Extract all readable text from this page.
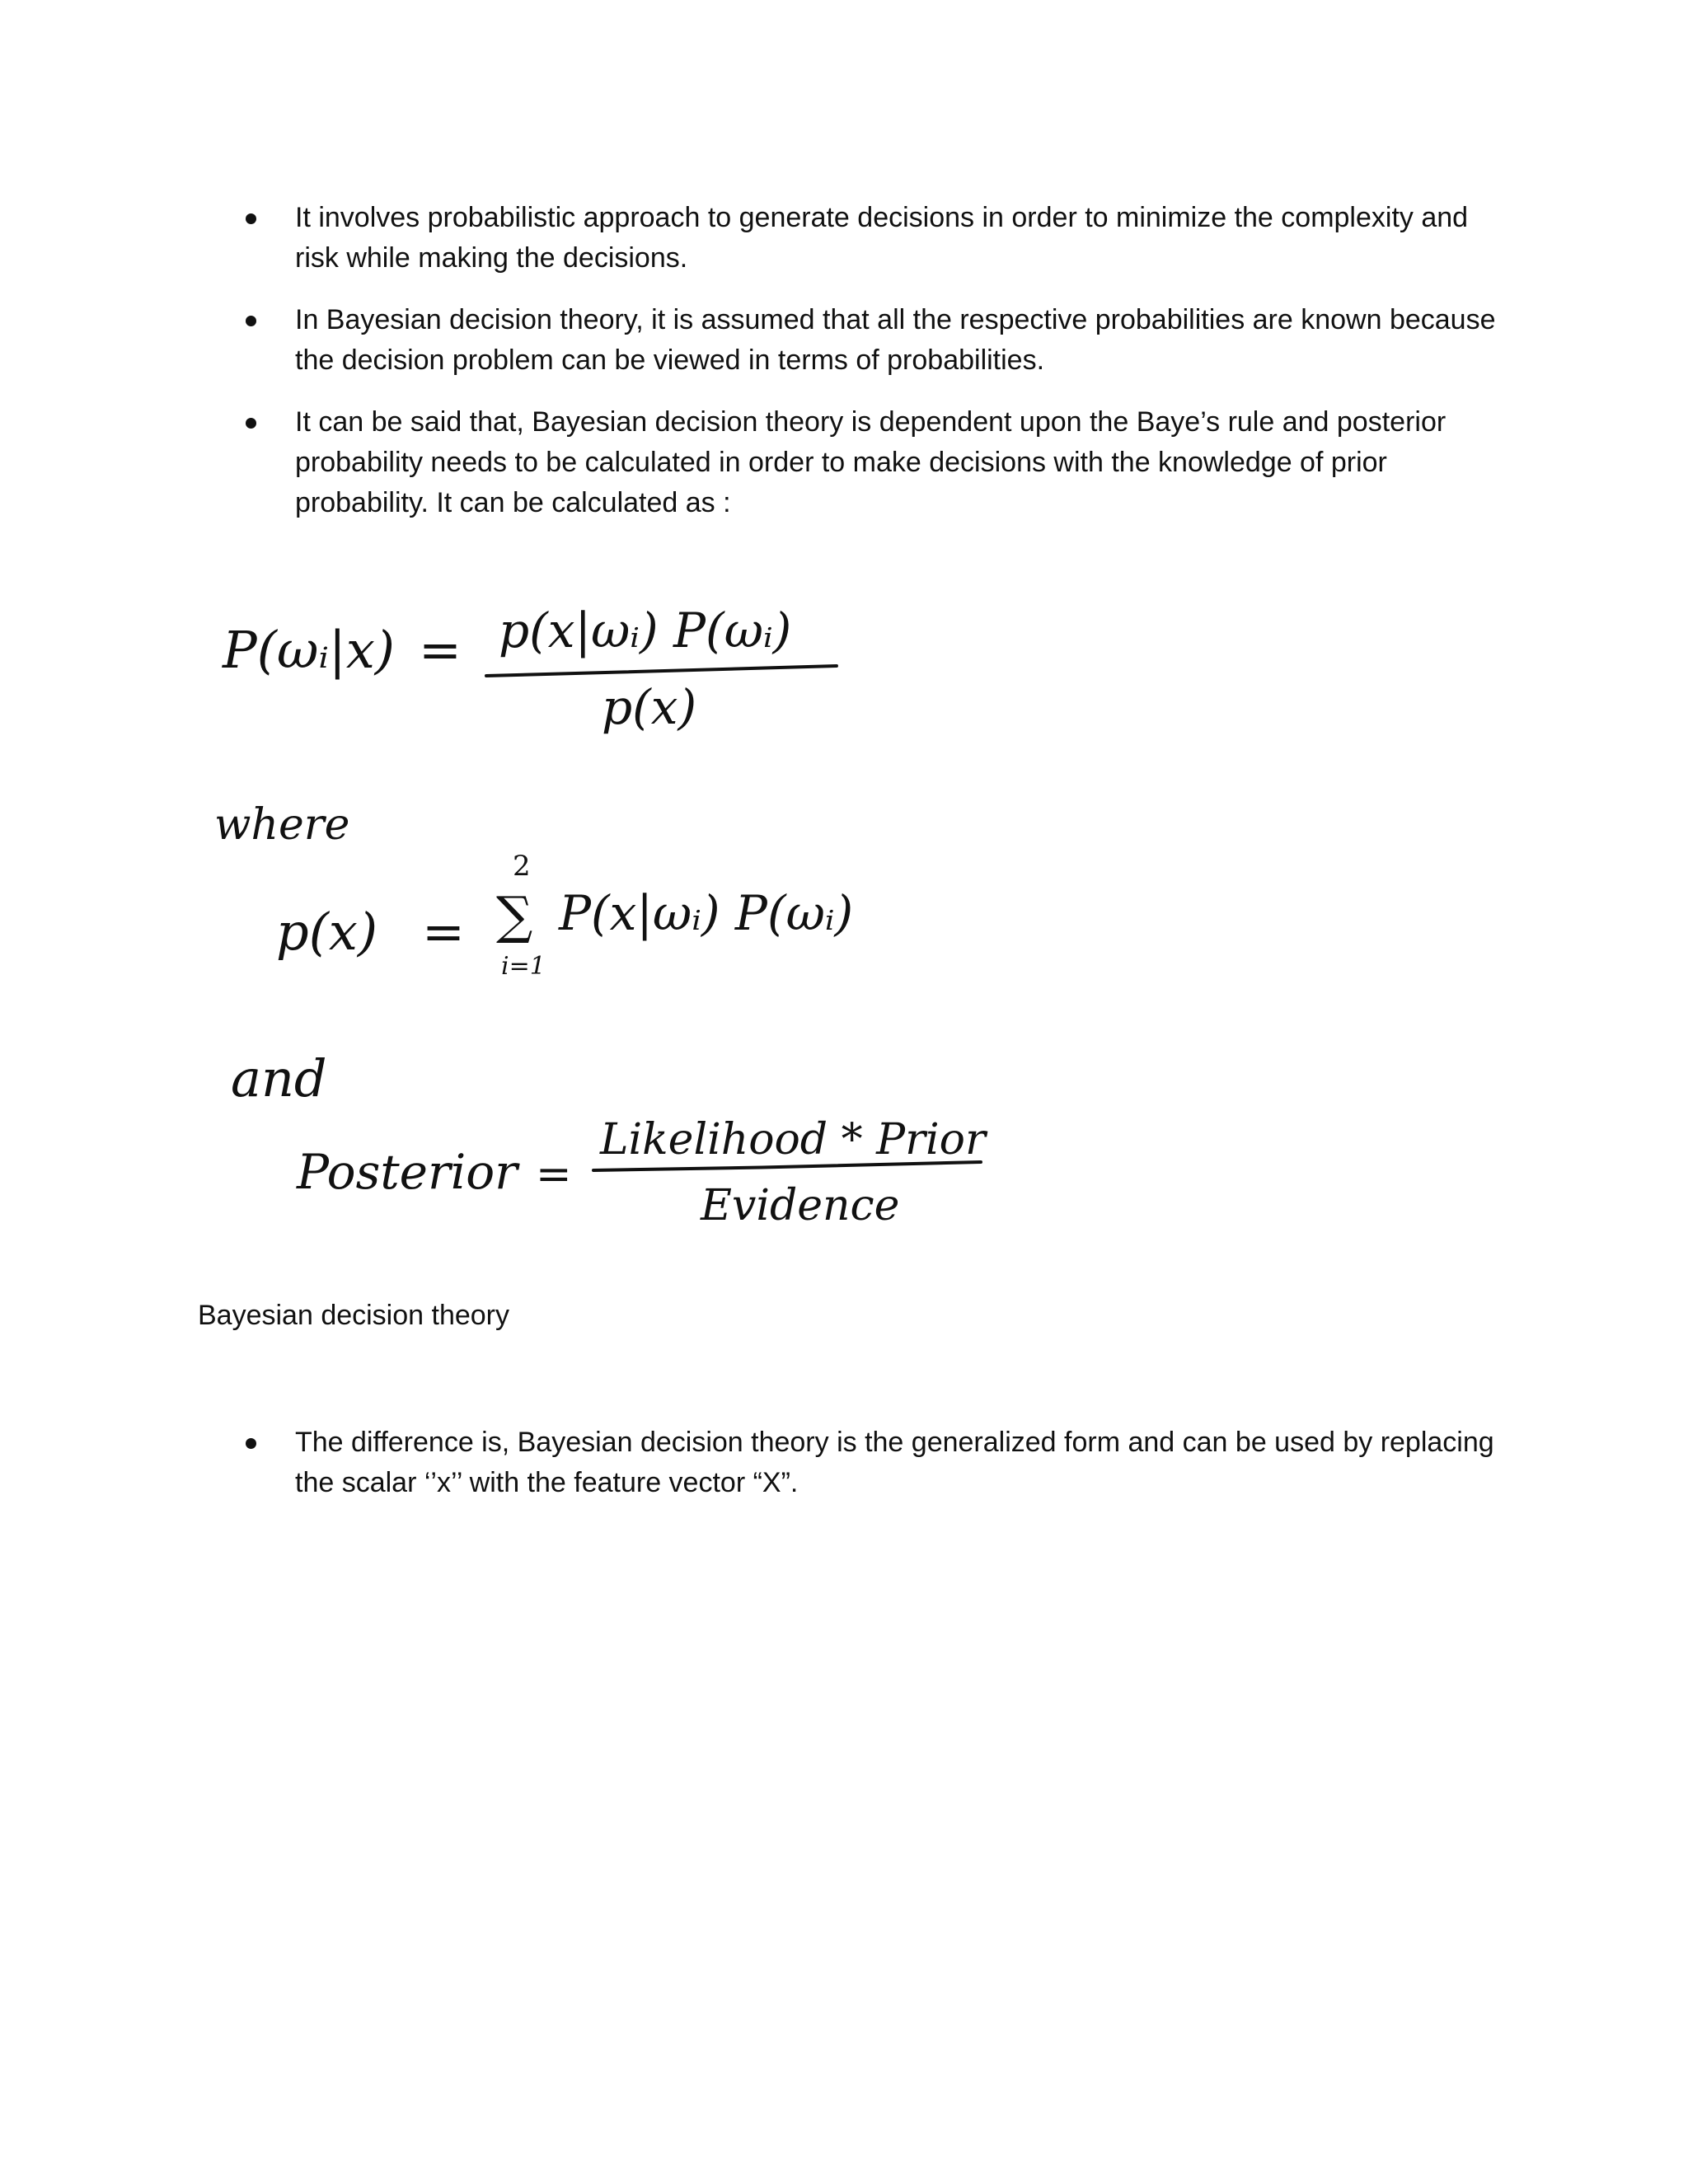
It involves probabilistic approach to generate decisions in order to minimize the complexity and risk while making the decisions.
In Bayesian decision theory, it is assumed that all the respective probabilities are known because the decision problem can be viewed in terms of probabilities.
It can be said that, Bayesian decision theory is dependent upon the Baye’s rule and posterior probability needs to be calculated in order to make decisions with the knowledge of prior probability. It can be calculated as :
P(ωᵢ|x) = p(x|ωᵢ) P(ωᵢ)
p(x)
where
p(x) =
2
∑
i=1
P(x|ωᵢ) P(ωᵢ)
and
Posterior =
Likelihood * Prior
Evidence
Bayesian decision theory
The difference is, Bayesian decision theory is the generalized form and can be used by replacing the scalar ‘’x’’ with the feature vector “X”.
